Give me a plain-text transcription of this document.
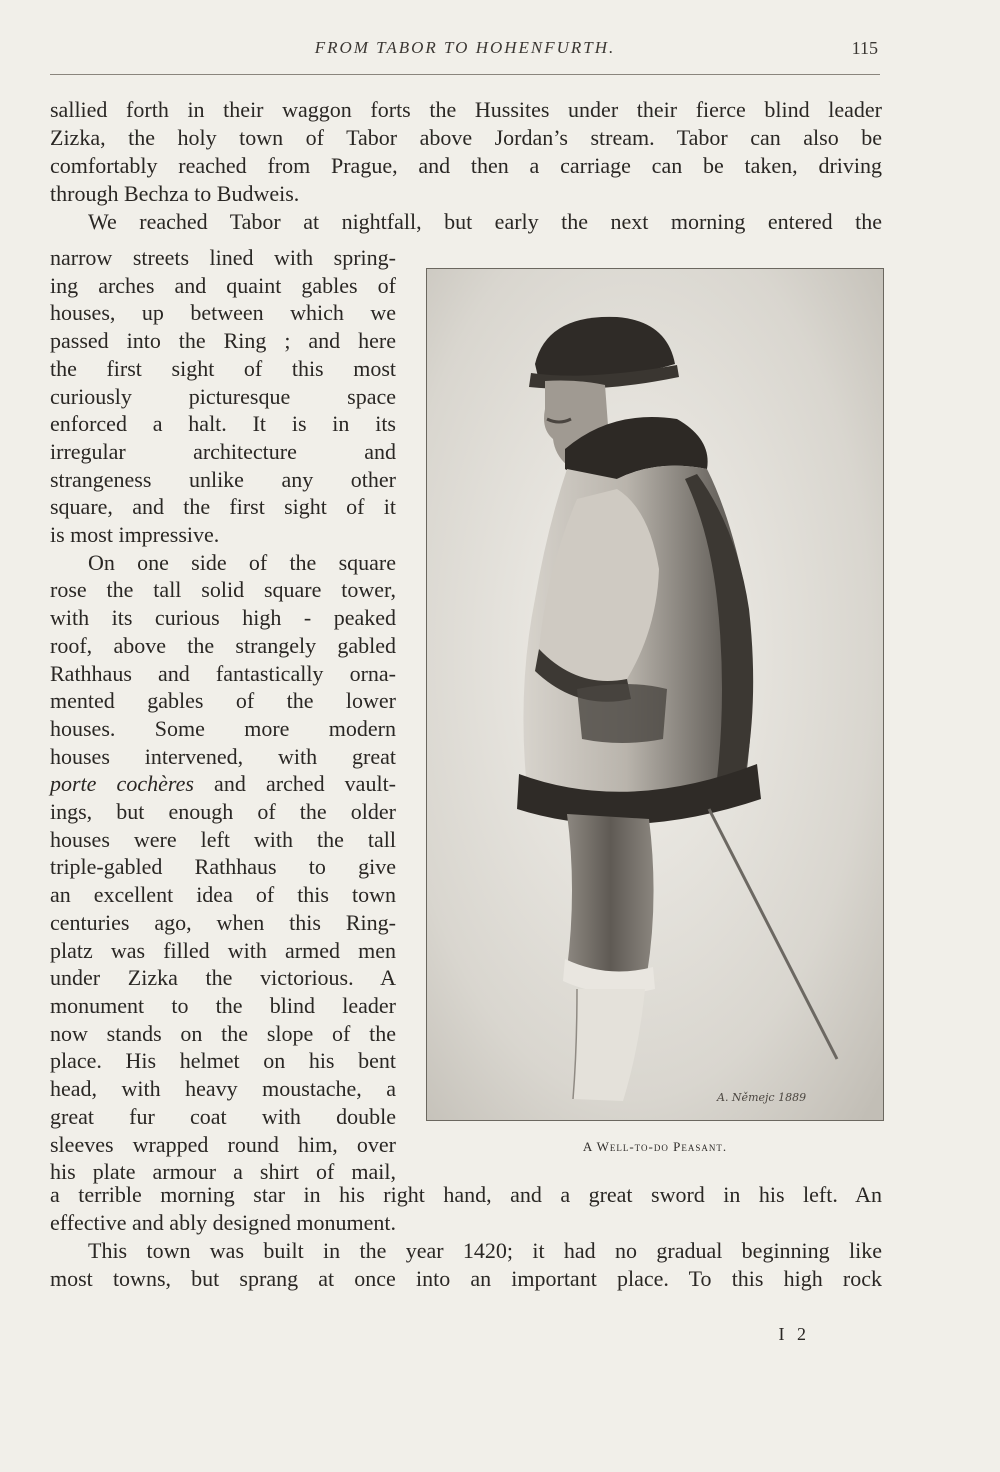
FROM TABOR TO HOHENFURTH.	115

sallied forth in their waggon forts the Hussites under their fierce blind leader

Zizka, the holy town of Tabor above Jordan’s stream. Tabor can also be

comfortably reached from Prague, and then a carriage can be taken, driving

through Bechza to Budweis.

We reached Tabor at nightfall, but early the next morning entered the

narrow streets lined with spring-
ing arches and quaint gables of
houses, up between which we
passed into the Ring ; and here
the first sight of this most
curiously picturesque space
enforced a halt. It is in its
irregular architecture and
strangeness unlike any other
square, and the first sight of it
is most impressive.
On one side of the square
rose the tall solid square tower,
with its curious high - peaked
roof, above the strangely gabled
Rathhaus and fantastically orna-
mented gables of the lower
houses. Some more modern
houses intervened, with great
porte cochères and arched vault-
ings, but enough of the older
houses were left with the tall
triple-gabled Rathhaus to give
an excellent idea of this town
centuries ago, when this Ring-
platz was filled with armed men
under Zizka the victorious. A
monument to the blind leader
now stands on the slope of the
place. His helmet on his bent
head, with heavy moustache, a
great fur coat with double
sleeves wrapped round him, over
his plate armour a shirt of mail,
A. Němejc 1889
A Well-to-do Peasant.

a terrible morning star in his right hand, and a great sword in his left. An

effective and ably designed monument.

This town was built in the year 1420; it had no gradual beginning like

most towns, but sprang at once into an important place. To this high rock

I 2
